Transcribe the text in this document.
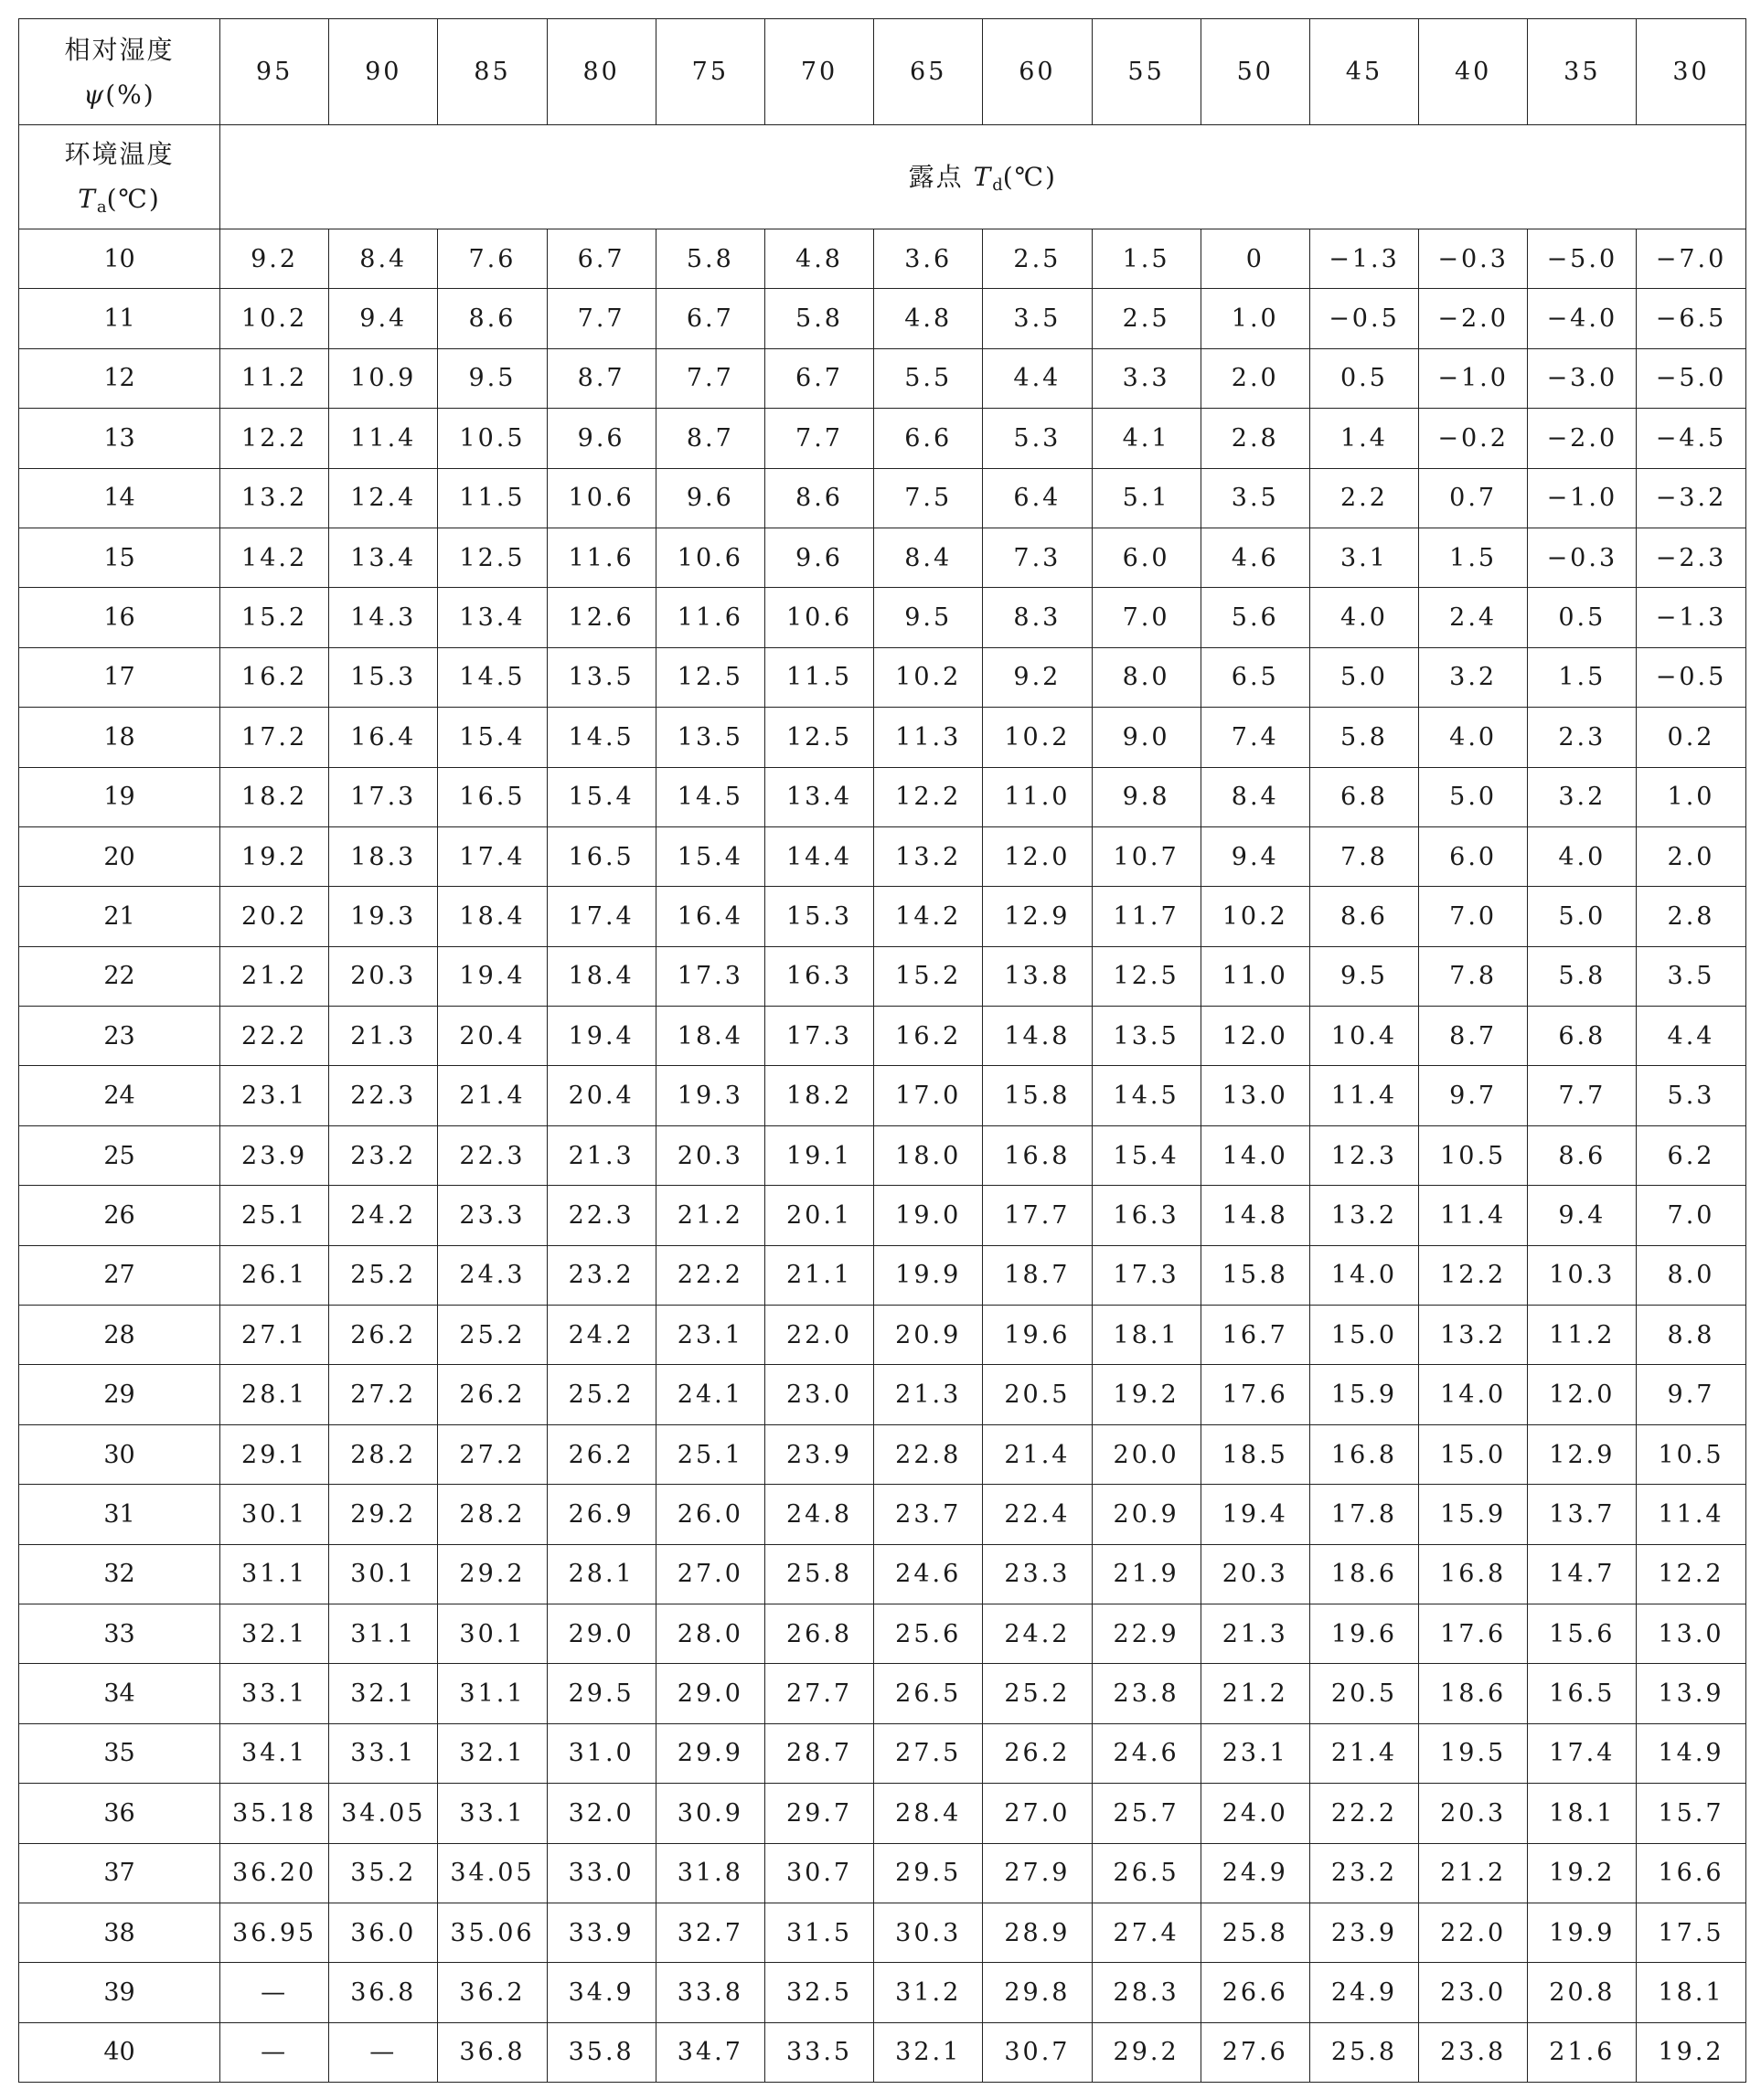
相对湿度
ψ(%)	95	90	85	80	75	70	65	60	55	50	45	40	35	30

环境温度
$T_a(℃)$	露点 $T_d(℃)$													
10	9.2	8.4	7.6	6.7	5.8	4.8	3.6	2.5	1.5	0	−1.3	−0.3	−5.0	−7.0
11	10.2	9.4	8.6	7.7	6.7	5.8	4.8	3.5	2.5	1.0	−0.5	−2.0	−4.0	−6.5
12	11.2	10.9	9.5	8.7	7.7	6.7	5.5	4.4	3.3	2.0	0.5	−1.0	−3.0	−5.0
13	12.2	11.4	10.5	9.6	8.7	7.7	6.6	5.3	4.1	2.8	1.4	−0.2	−2.0	−4.5
14	13.2	12.4	11.5	10.6	9.6	8.6	7.5	6.4	5.1	3.5	2.2	0.7	−1.0	−3.2
15	14.2	13.4	12.5	11.6	10.6	9.6	8.4	7.3	6.0	4.6	3.1	1.5	−0.3	−2.3
16	15.2	14.3	13.4	12.6	11.6	10.6	9.5	8.3	7.0	5.6	4.0	2.4	0.5	−1.3
17	16.2	15.3	14.5	13.5	12.5	11.5	10.2	9.2	8.0	6.5	5.0	3.2	1.5	−0.5
18	17.2	16.4	15.4	14.5	13.5	12.5	11.3	10.2	9.0	7.4	5.8	4.0	2.3	0.2
19	18.2	17.3	16.5	15.4	14.5	13.4	12.2	11.0	9.8	8.4	6.8	5.0	3.2	1.0
20	19.2	18.3	17.4	16.5	15.4	14.4	13.2	12.0	10.7	9.4	7.8	6.0	4.0	2.0
21	20.2	19.3	18.4	17.4	16.4	15.3	14.2	12.9	11.7	10.2	8.6	7.0	5.0	2.8
22	21.2	20.3	19.4	18.4	17.3	16.3	15.2	13.8	12.5	11.0	9.5	7.8	5.8	3.5
23	22.2	21.3	20.4	19.4	18.4	17.3	16.2	14.8	13.5	12.0	10.4	8.7	6.8	4.4
24	23.1	22.3	21.4	20.4	19.3	18.2	17.0	15.8	14.5	13.0	11.4	9.7	7.7	5.3
25	23.9	23.2	22.3	21.3	20.3	19.1	18.0	16.8	15.4	14.0	12.3	10.5	8.6	6.2
26	25.1	24.2	23.3	22.3	21.2	20.1	19.0	17.7	16.3	14.8	13.2	11.4	9.4	7.0
27	26.1	25.2	24.3	23.2	22.2	21.1	19.9	18.7	17.3	15.8	14.0	12.2	10.3	8.0
28	27.1	26.2	25.2	24.2	23.1	22.0	20.9	19.6	18.1	16.7	15.0	13.2	11.2	8.8
29	28.1	27.2	26.2	25.2	24.1	23.0	21.3	20.5	19.2	17.6	15.9	14.0	12.0	9.7
30	29.1	28.2	27.2	26.2	25.1	23.9	22.8	21.4	20.0	18.5	16.8	15.0	12.9	10.5
31	30.1	29.2	28.2	26.9	26.0	24.8	23.7	22.4	20.9	19.4	17.8	15.9	13.7	11.4
32	31.1	30.1	29.2	28.1	27.0	25.8	24.6	23.3	21.9	20.3	18.6	16.8	14.7	12.2
33	32.1	31.1	30.1	29.0	28.0	26.8	25.6	24.2	22.9	21.3	19.6	17.6	15.6	13.0
34	33.1	32.1	31.1	29.5	29.0	27.7	26.5	25.2	23.8	21.2	20.5	18.6	16.5	13.9
35	34.1	33.1	32.1	31.0	29.9	28.7	27.5	26.2	24.6	23.1	21.4	19.5	17.4	14.9
36	35.18	34.05	33.1	32.0	30.9	29.7	28.4	27.0	25.7	24.0	22.2	20.3	18.1	15.7
37	36.20	35.2	34.05	33.0	31.8	30.7	29.5	27.9	26.5	24.9	23.2	21.2	19.2	16.6
38	36.95	36.0	35.06	33.9	32.7	31.5	30.3	28.9	27.4	25.8	23.9	22.0	19.9	17.5
39	—	36.8	36.2	34.9	33.8	32.5	31.2	29.8	28.3	26.6	24.9	23.0	20.8	18.1
40	—	—	36.8	35.8	34.7	33.5	32.1	30.7	29.2	27.6	25.8	23.8	21.6	19.2
